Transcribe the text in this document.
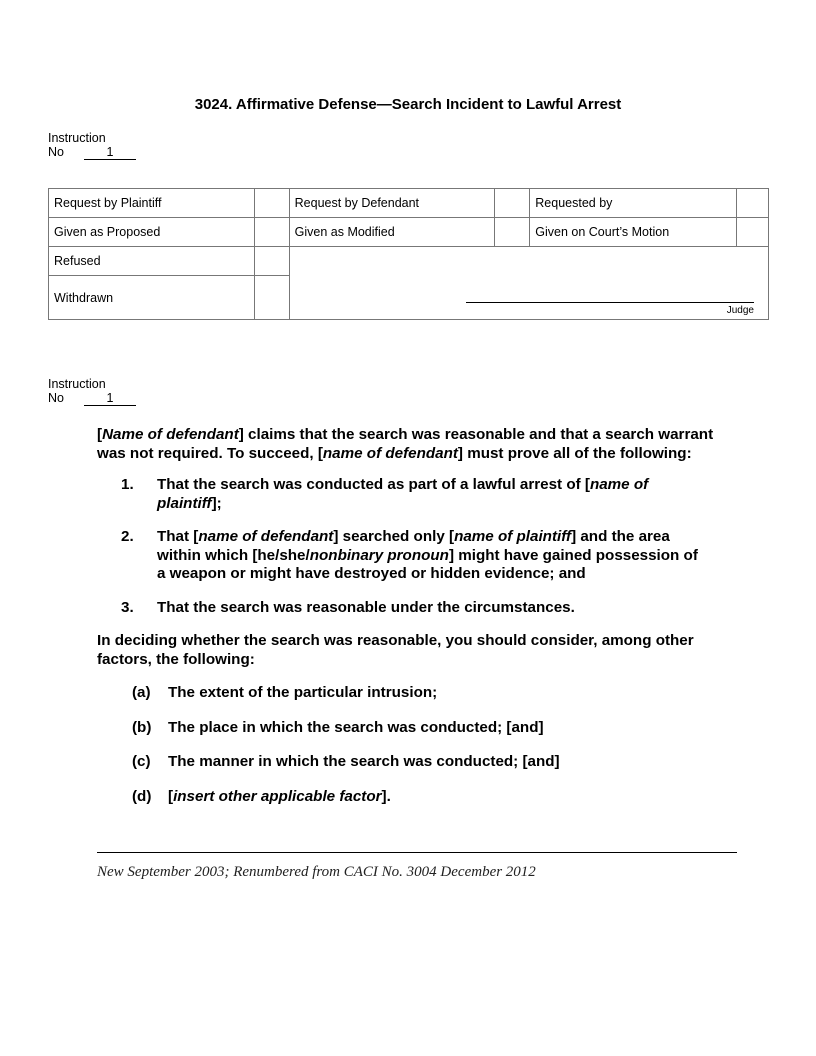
3024. Affirmative Defense—Search Incident to Lawful Arrest
Instruction
No	1
Request by Plaintiff		Request by Defendant		Requested by	
Given as Proposed		Given as Modified		Given on Court’s Motion	
Refused		Judge			

Withdrawn					
Instruction
No	1

[Name of defendant] claims that the search was reasonable and that a search warrant was not required. To succeed, [name of defendant] must prove all of the following:

1.	That the search was conducted as part of a lawful arrest of [name of plaintiff];
2.	That [name of defendant] searched only [name of plaintiff] and the area within which [he/she/nonbinary pronoun] might have gained possession of a weapon or might have destroyed or hidden evidence; and
3.	That the search was reasonable under the circumstances.

In deciding whether the search was reasonable, you should consider, among other factors, the following:

(a)	The extent of the particular intrusion;
(b)	The place in which the search was conducted; [and]
(c)	The manner in which the search was conducted; [and]
(d)	[insert other applicable factor].
New September 2003; Renumbered from CACI No. 3004 December 2012
